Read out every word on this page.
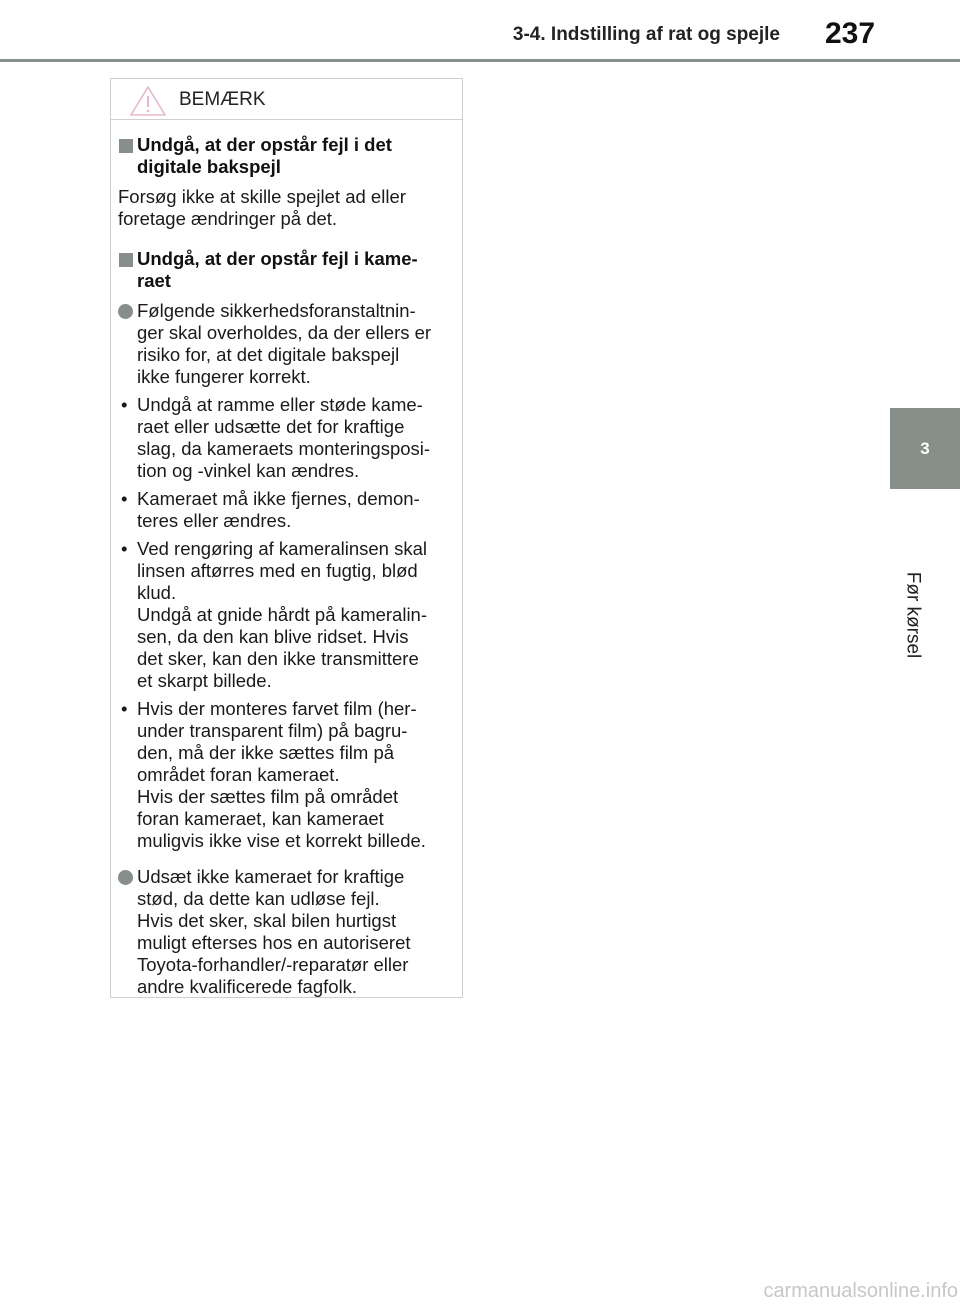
3-4. Indstilling af rat og spejle	237
3
Før kørsel
BEMÆRK
Undgå, at der opstår fejl i det
digitale bakspejl
Forsøg ikke at skille spejlet ad eller
foretage ændringer på det.
Undgå, at der opstår fejl i kame-
raet
Følgende sikkerhedsforanstaltnin-
ger skal overholdes, da der ellers er
risiko for, at det digitale bakspejl
ikke fungerer korrekt.
• Undgå at ramme eller støde kame-
raet eller udsætte det for kraftige
slag, da kameraets monteringsposi-
tion og -vinkel kan ændres.
• Kameraet må ikke fjernes, demon-
teres eller ændres.
• Ved rengøring af kameralinsen skal
linsen aftørres med en fugtig, blød
klud.
Undgå at gnide hårdt på kameralin-
sen, da den kan blive ridset. Hvis
det sker, kan den ikke transmittere
et skarpt billede.
• Hvis der monteres farvet film (her-
under transparent film) på bagru-
den, må der ikke sættes film på
området foran kameraet.
Hvis der sættes film på området
foran kameraet, kan kameraet
muligvis ikke vise et korrekt billede.
Udsæt ikke kameraet for kraftige
stød, da dette kan udløse fejl.
Hvis det sker, skal bilen hurtigst
muligt efterses hos en autoriseret
Toyota-forhandler/-reparatør eller
andre kvalificerede fagfolk.
carmanualsonline.info
